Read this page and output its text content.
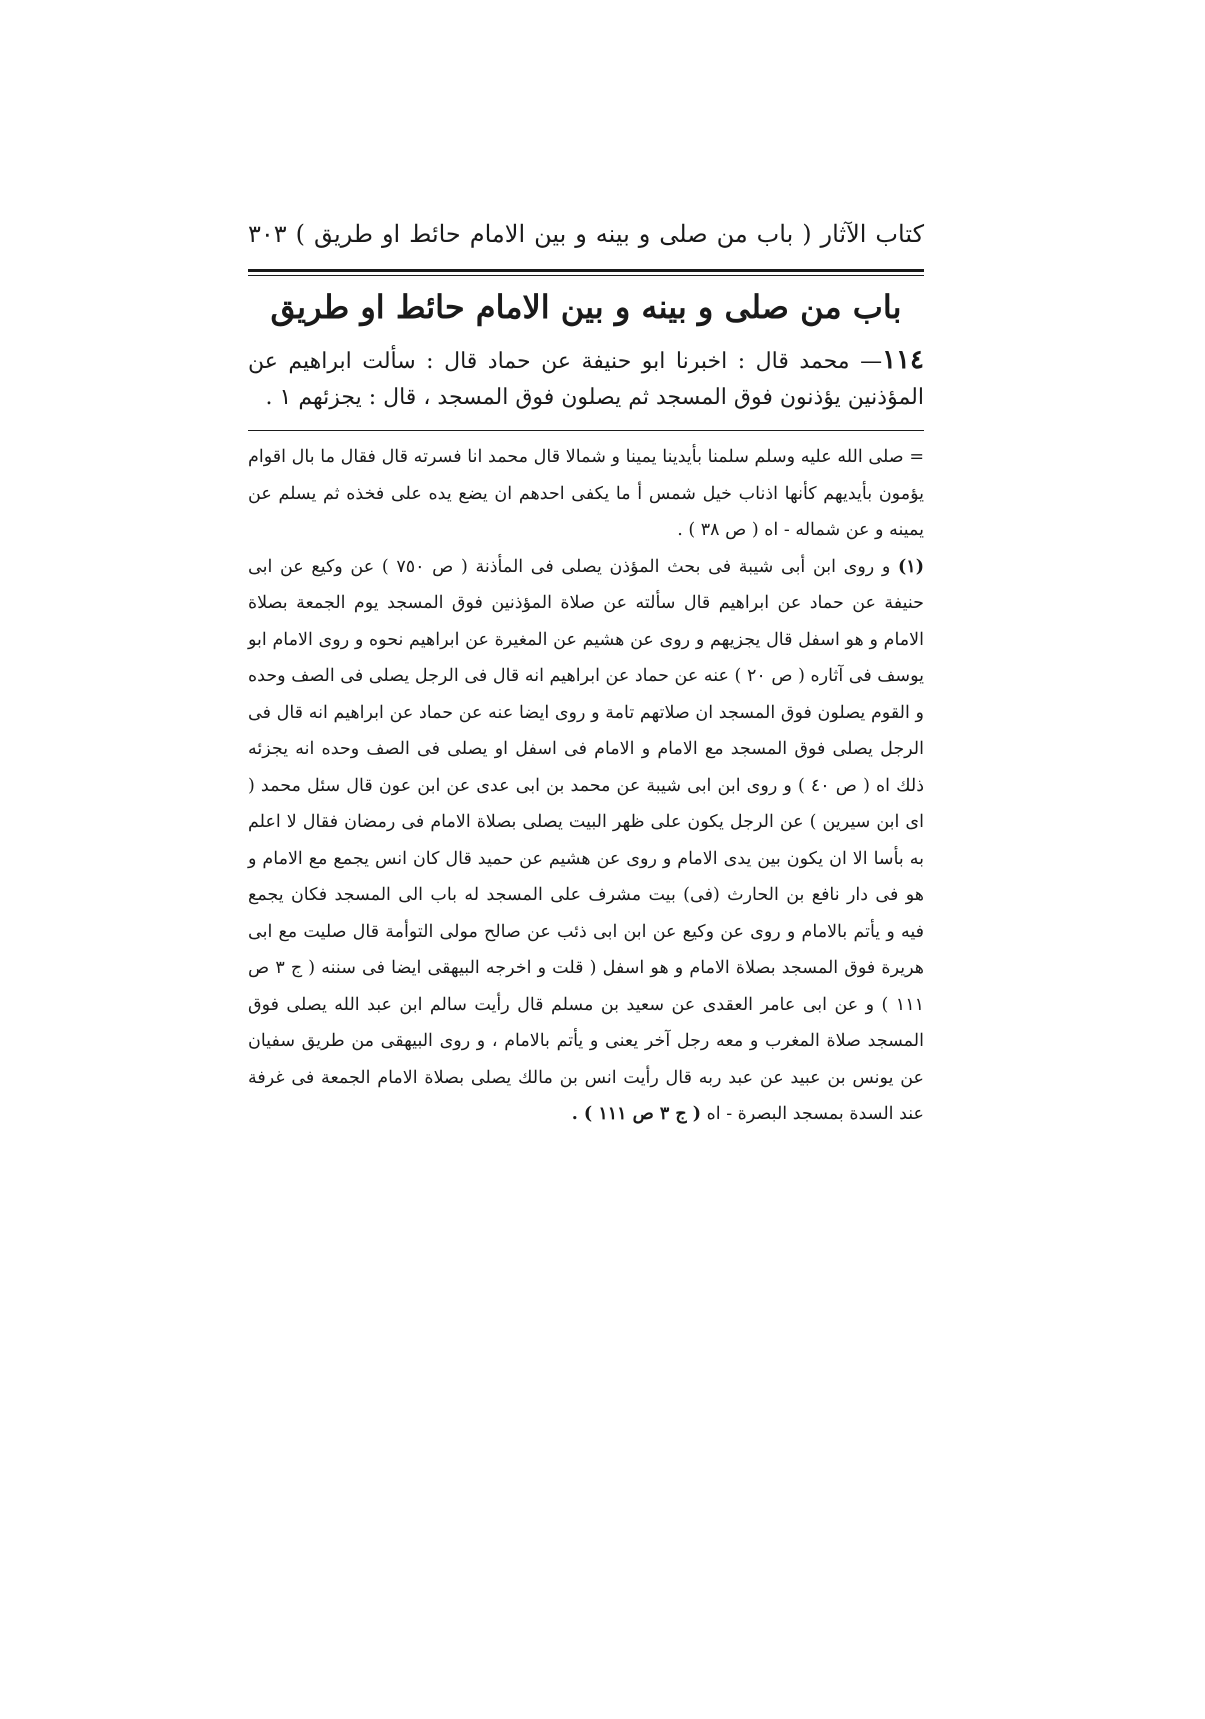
كتاب الآثار ( باب من صلى و بينه و بين الامام حائط او طريق ) ٣٠٣
باب من صلى و بينه و بين الامام حائط او طريق
١١٤— محمد قال : اخبرنا ابو حنيفة عن حماد قال : سألت ابراهيم عن المؤذنين يؤذنون فوق المسجد ثم يصلون فوق المسجد ، قال : يجزئهم ١ .

= صلى الله عليه وسلم سلمنا بأيدينا يمينا و شمالا قال محمد انا فسرته قال فقال ما بال اقوام يؤمون بأيديهم كأنها اذناب خيل شمس أ ما يكفى احدهم ان يضع يده على فخذه ثم يسلم عن يمينه و عن شماله - اه ( ص ٣٨ ) .

(١) و روى ابن أبى شيبة فى بحث المؤذن يصلى فى المأذنة ( ص ٧٥٠ ) عن وكيع عن ابى حنيفة عن حماد عن ابراهيم قال سألته عن صلاة المؤذنين فوق المسجد يوم الجمعة بصلاة الامام و هو اسفل قال يجزيهم و روى عن هشيم عن المغيرة عن ابراهيم نحوه و روى الامام ابو يوسف فى آثاره ( ص ٢٠ ) عنه عن حماد عن ابراهيم انه قال فى الرجل يصلى فى الصف وحده و القوم يصلون فوق المسجد ان صلاتهم تامة و روى ايضا عنه عن حماد عن ابراهيم انه قال فى الرجل يصلى فوق المسجد مع الامام و الامام فى اسفل او يصلى فى الصف وحده انه يجزئه ذلك اه ( ص ٤٠ ) و روى ابن ابى شيبة عن محمد بن ابى عدى عن ابن عون قال سئل محمد ( اى ابن سيرين ) عن الرجل يكون على ظهر البيت يصلى بصلاة الامام فى رمضان فقال لا اعلم به بأسا الا ان يكون بين يدى الامام و روى عن هشيم عن حميد قال كان انس يجمع مع الامام و هو فى دار نافع بن الحارث (فى) بيت مشرف على المسجد له باب الى المسجد فكان يجمع فيه و يأتم بالامام و روى عن وكيع عن ابن ابى ذئب عن صالح مولى التوأمة قال صليت مع ابى هريرة فوق المسجد بصلاة الامام و هو اسفل ( قلت و اخرجه البيهقى ايضا فى سننه ( ج ٣ ص ١١١ ) و عن ابى عامر العقدى عن سعيد بن مسلم قال رأيت سالم ابن عبد الله يصلى فوق المسجد صلاة المغرب و معه رجل آخر يعنى و يأتم بالامام ، و روى البيهقى من طريق سفيان عن يونس بن عبيد عن عبد ربه قال رأيت انس بن مالك يصلى بصلاة الامام الجمعة فى غرفة عند السدة بمسجد البصرة - اه ( ج ٣ ص ١١١ ) .
